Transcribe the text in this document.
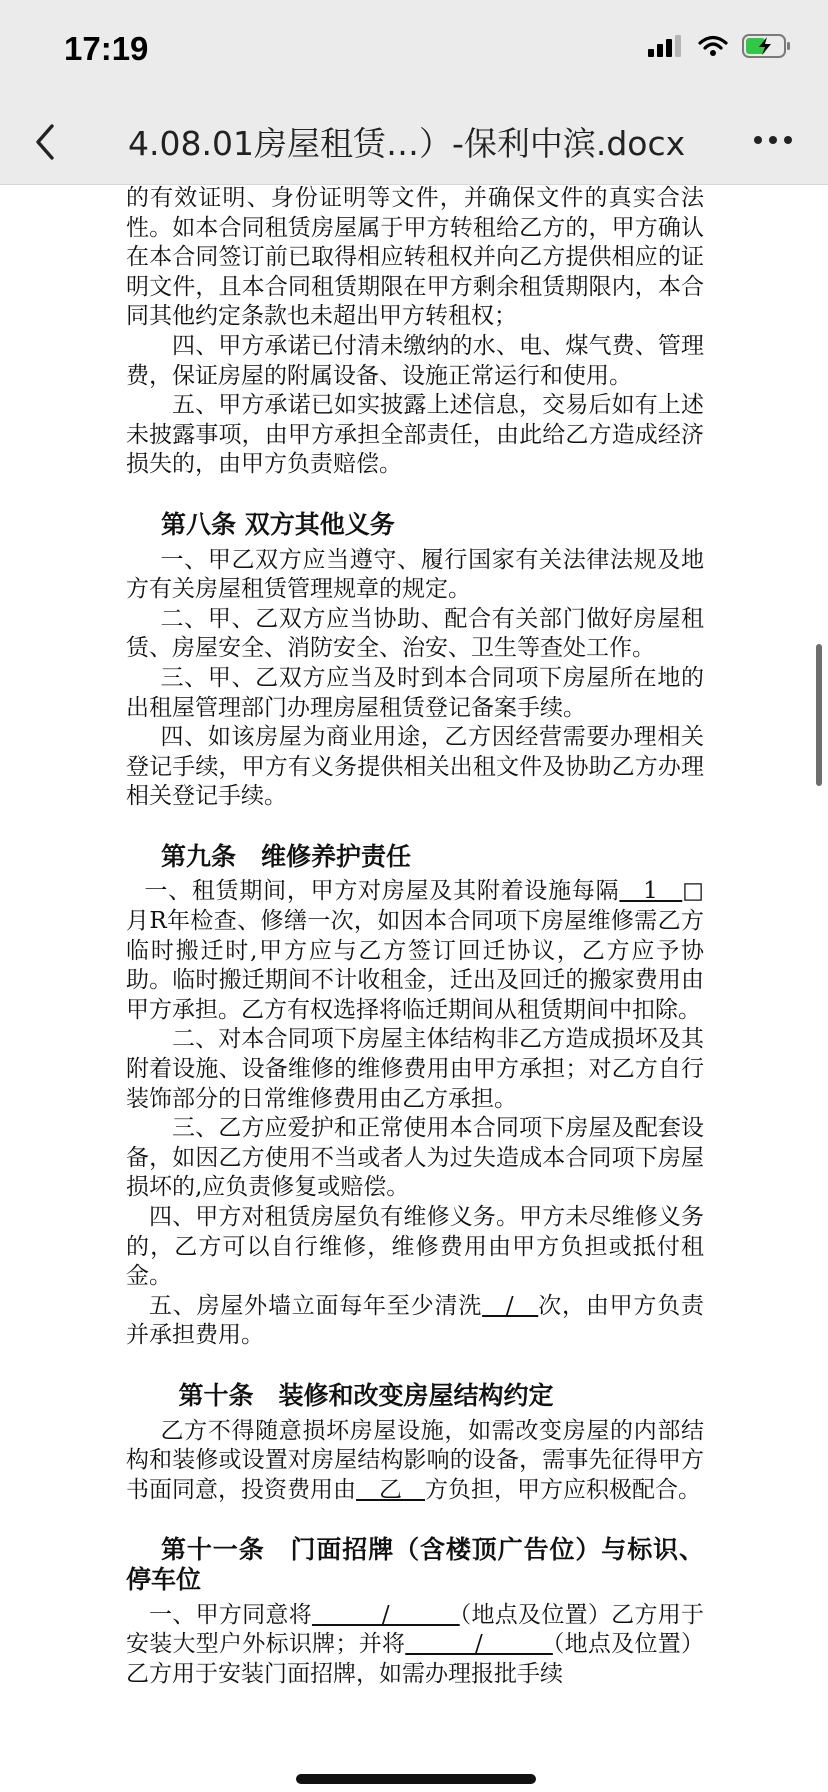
17:19
4.08.01房屋租赁…）-保利中滨.docx

的有效证明、身份证明等文件，并确保文件的真实合法性。如本合同租赁房屋属于甲方转租给乙方的，甲方确认在本合同签订前已取得相应转租权并向乙方提供相应的证明文件，且本合同租赁期限在甲方剩余租赁期限内，本合同其他约定条款也未超出甲方转租权；

四、甲方承诺已付清未缴纳的水、电、煤气费、管理费，保证房屋的附属设备、设施正常运行和使用。

五、甲方承诺已如实披露上述信息，交易后如有上述未披露事项，由甲方承担全部责任，由此给乙方造成经济损失的，由甲方负责赔偿。

第八条 双方其他义务

一、甲乙双方应当遵守、履行国家有关法律法规及地方有关房屋租赁管理规章的规定。

二、甲、乙双方应当协助、配合有关部门做好房屋租赁、房屋安全、消防安全、治安、卫生等查处工作。

三、甲、乙双方应当及时到本合同项下房屋所在地的出租屋管理部门办理房屋租赁登记备案手续。

四、如该房屋为商业用途，乙方因经营需要办理相关登记手续，甲方有义务提供相关出租文件及协助乙方办理相关登记手续。

第九条　维修养护责任

一、租赁期间，甲方对房屋及其附着设施每隔　1　□月R年检查、修缮一次，如因本合同项下房屋维修需乙方临时搬迁时,甲方应与乙方签订回迁协议，乙方应予协助。临时搬迁期间不计收租金，迁出及回迁的搬家费用由甲方承担。乙方有权选择将临迁期间从租赁期间中扣除。

二、对本合同项下房屋主体结构非乙方造成损坏及其附着设施、设备维修的维修费用由甲方承担；对乙方自行装饰部分的日常维修费用由乙方承担。

三、乙方应爱护和正常使用本合同项下房屋及配套设备，如因乙方使用不当或者人为过失造成本合同项下房屋损坏的,应负责修复或赔偿。

四、甲方对租赁房屋负有维修义务。甲方未尽维修义务的，乙方可以自行维修，维修费用由甲方负担或抵付租金。

五、房屋外墙立面每年至少清洗　/　次，由甲方负责并承担费用。

第十条　装修和改变房屋结构约定

乙方不得随意损坏房屋设施，如需改变房屋的内部结构和装修或设置对房屋结构影响的设备，需事先征得甲方书面同意，投资费用由　乙　方负担，甲方应积极配合。

第十一条　门面招牌（含楼顶广告位）与标识、停车位

一、甲方同意将　　　/　　　（地点及位置）乙方用于安装大型户外标识牌；并将　　　/　　　（地点及位置）乙方用于安装门面招牌，如需办理报批手续
